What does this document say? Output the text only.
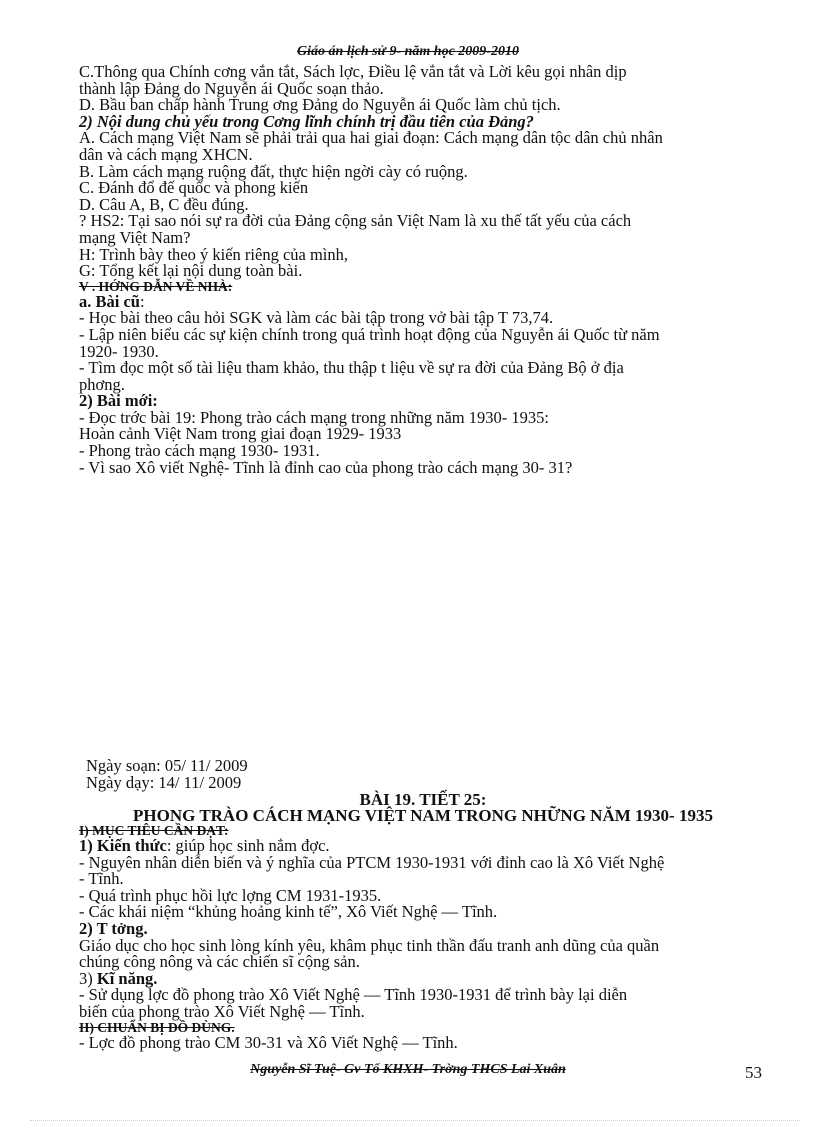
Giáo án lịch sử 9- năm học 2009-2010

C.Thông qua Chính cơng vắn tắt, Sách lợc, Điều lệ vắn tắt và Lời kêu gọi nhân dịp

thành lập Đảng do Nguyễn ái Quốc soạn thảo.

D. Bầu ban chấp hành Trung ơng Đảng do Nguyễn ái Quốc làm chủ tịch.

2) Nội dung chủ yếu trong Cơng lĩnh chính trị đầu tiên của Đảng?

A. Cách mạng Việt Nam sẽ phải trải qua hai giai đoạn: Cách mạng dân tộc dân chủ nhân

dân và cách mạng XHCN.

B. Làm cách mạng ruộng đất, thực hiện ngời cày có ruộng.

C. Đánh đổ đế quốc và phong kiến

D. Câu A, B, C đều đúng.

? HS2: Tại sao nói sự ra đời của Đảng cộng sản Việt Nam là xu thế tất yếu của cách

mạng Việt Nam?

H: Trình bày theo ý kiến riêng của mình,

G: Tổng kết lại nội dung toàn bài.

V . HỚNG DẪN VỀ NHÀ:

a. Bài cũ:

- Học bài theo câu hỏi SGK và làm các bài tập trong vở bài tập T 73,74.

- Lập niên biểu các sự kiện chính trong quá trình hoạt động của Nguyễn ái Quốc từ năm

1920- 1930.

- Tìm đọc một số tài liệu tham khảo, thu thập t liệu về sự ra đời của Đảng Bộ ở địa

phơng.

2) Bài mới:

- Đọc trớc bài 19: Phong trào cách mạng trong những năm 1930- 1935:

Hoàn cảnh Việt Nam trong giai đoạn 1929- 1933

- Phong trào cách mạng 1930- 1931.

- Vì sao Xô viết Nghệ- Tĩnh là đỉnh cao của phong trào cách mạng 30- 31?

Ngày soạn: 05/ 11/ 2009

Ngày dạy: 14/ 11/ 2009

BÀI 19. TIẾT 25:

PHONG TRÀO CÁCH MẠNG VIỆT NAM TRONG NHỮNG NĂM 1930- 1935

I) MỤC TIÊU CẦN ĐẠT:

1) Kiến thức: giúp học sinh nắm đợc.

- Nguyên nhân diễn biến và ý nghĩa của PTCM 1930-1931 với đỉnh cao là Xô Viết Nghệ

- Tĩnh.

- Quá trình phục hồi lực lợng CM 1931-1935.

- Các khái niệm “khủng hoảng kinh tế”, Xô Viết Nghệ — Tĩnh.

2) T tởng.

Giáo dục cho học sinh lòng kính yêu, khâm phục tinh thần đấu tranh anh dũng của quần

chúng công nông và các chiến sĩ cộng sản.

3) Kĩ năng.

- Sử dụng lợc đồ phong trào Xô Viết Nghệ — Tĩnh 1930-1931 để trình bày lại diễn

biến của phong trào Xô Viết Nghệ — Tĩnh.

II) CHUẨN BỊ ĐỒ DÙNG.

- Lợc đồ phong trào CM 30-31 và Xô Viết Nghệ — Tĩnh.

Nguyễn Sĩ Tuệ- Gv Tổ KHXH- Trờng THCS Lai Xuân	53
